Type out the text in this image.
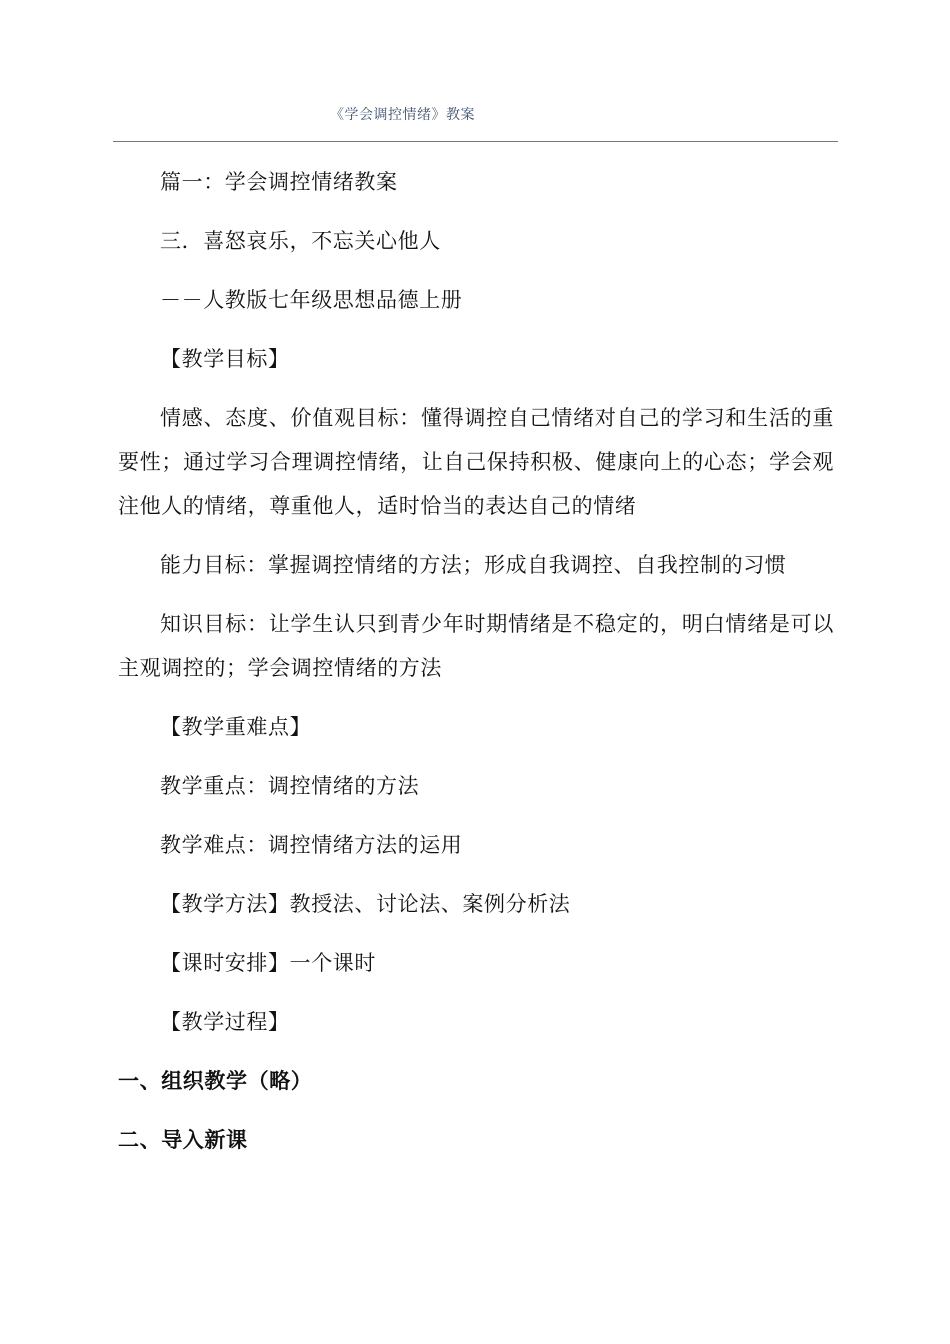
《学会调控情绪》教案

篇一：学会调控情绪教案

三．喜怒哀乐，不忘关心他人

－－人教版七年级思想品德上册

【教学目标】

情感、态度、价值观目标：懂得调控自己情绪对自己的学习和生活的重要性；通过学习合理调控情绪，让自己保持积极、健康向上的心态；学会观注他人的情绪，尊重他人，适时恰当的表达自己的情绪

能力目标：掌握调控情绪的方法；形成自我调控、自我控制的习惯

知识目标：让学生认只到青少年时期情绪是不稳定的，明白情绪是可以主观调控的；学会调控情绪的方法

【教学重难点】

教学重点：调控情绪的方法

教学难点：调控情绪方法的运用

【教学方法】教授法、讨论法、案例分析法

【课时安排】一个课时

【教学过程】

一、组织教学（略）

二、导入新课
